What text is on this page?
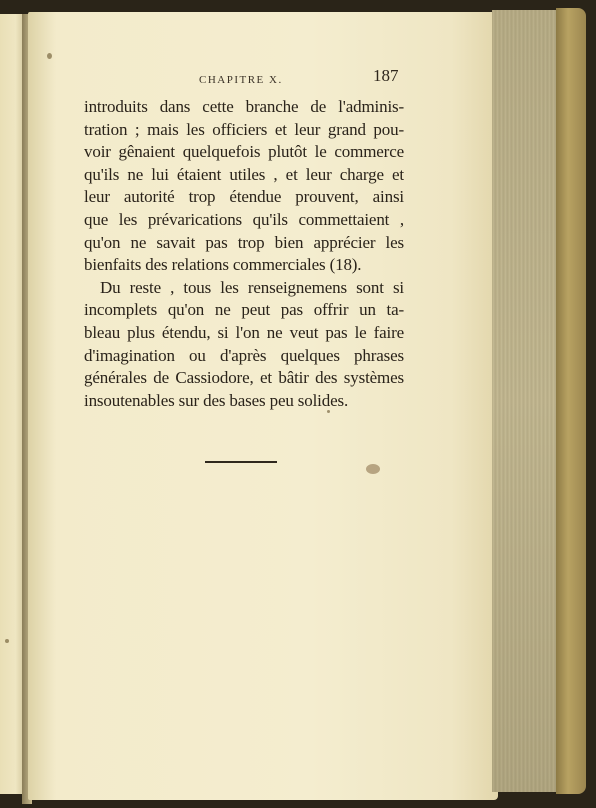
CHAPITRE X.	187
introduits dans cette branche de l'adminis-
tration ; mais les officiers et leur grand pou-
voir gênaient quelquefois plutôt le commerce
qu'ils ne lui étaient utiles , et leur charge et
leur autorité trop étendue prouvent, ainsi
que les prévarications qu'ils commettaient ,
qu'on ne savait pas trop bien apprécier les
bienfaits des relations commerciales (18).
Du reste , tous les renseignemens sont si
incomplets qu'on ne peut pas offrir un ta-
bleau plus étendu, si l'on ne veut pas le faire
d'imagination ou d'après quelques phrases
générales de Cassiodore, et bâtir des systèmes
insoutenables sur des bases peu solides.
